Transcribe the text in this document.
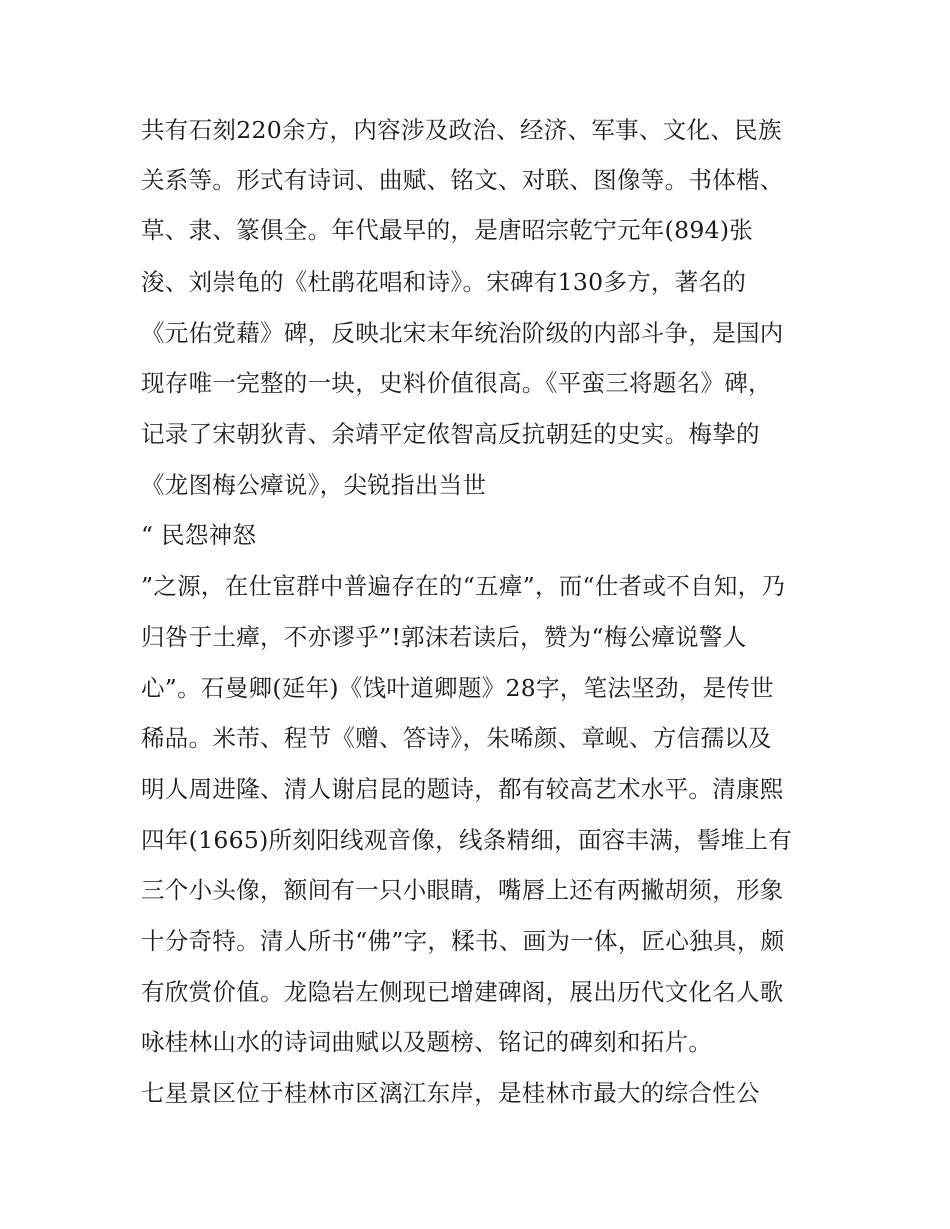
共有石刻220余方，内容涉及政治、经济、军事、文化、民族
关系等。形式有诗词、曲赋、铭文、对联、图像等。书体楷、
草、隶、篆俱全。年代最早的，是唐昭宗乾宁元年(894)张
浚、刘崇龟的《杜鹃花唱和诗》。宋碑有130多方，著名的
《元佑党藉》碑，反映北宋末年统治阶级的内部斗争，是国内
现存唯一完整的一块，史料价值很高。《平蛮三将题名》碑，
记录了宋朝狄青、余靖平定侬智高反抗朝廷的史实。梅挚的
《龙图梅公瘴说》，尖锐指出当世
“ 民怨神怒
”之源，在仕宦群中普遍存在的“五瘴”，而“仕者或不自知，乃
归咎于土瘴，不亦谬乎”!郭沫若读后，赞为“梅公瘴说警人
心”。石曼卿(延年)《饯叶道卿题》28字，笔法坚劲，是传世
稀品。米芾、程节《赠、答诗》，朱唏颜、章岘、方信孺以及
明人周进隆、清人谢启昆的题诗，都有较高艺术水平。清康熙
四年(1665)所刻阳线观音像，线条精细，面容丰满，髻堆上有
三个小头像，额间有一只小眼睛，嘴唇上还有两撇胡须，形象
十分奇特。清人所书“佛”字，糅书、画为一体，匠心独具，颇
有欣赏价值。龙隐岩左侧现已增建碑阁，展出历代文化名人歌
咏桂林山水的诗词曲赋以及题榜、铭记的碑刻和拓片。
七星景区位于桂林市区漓江东岸，是桂林市最大的综合性公
